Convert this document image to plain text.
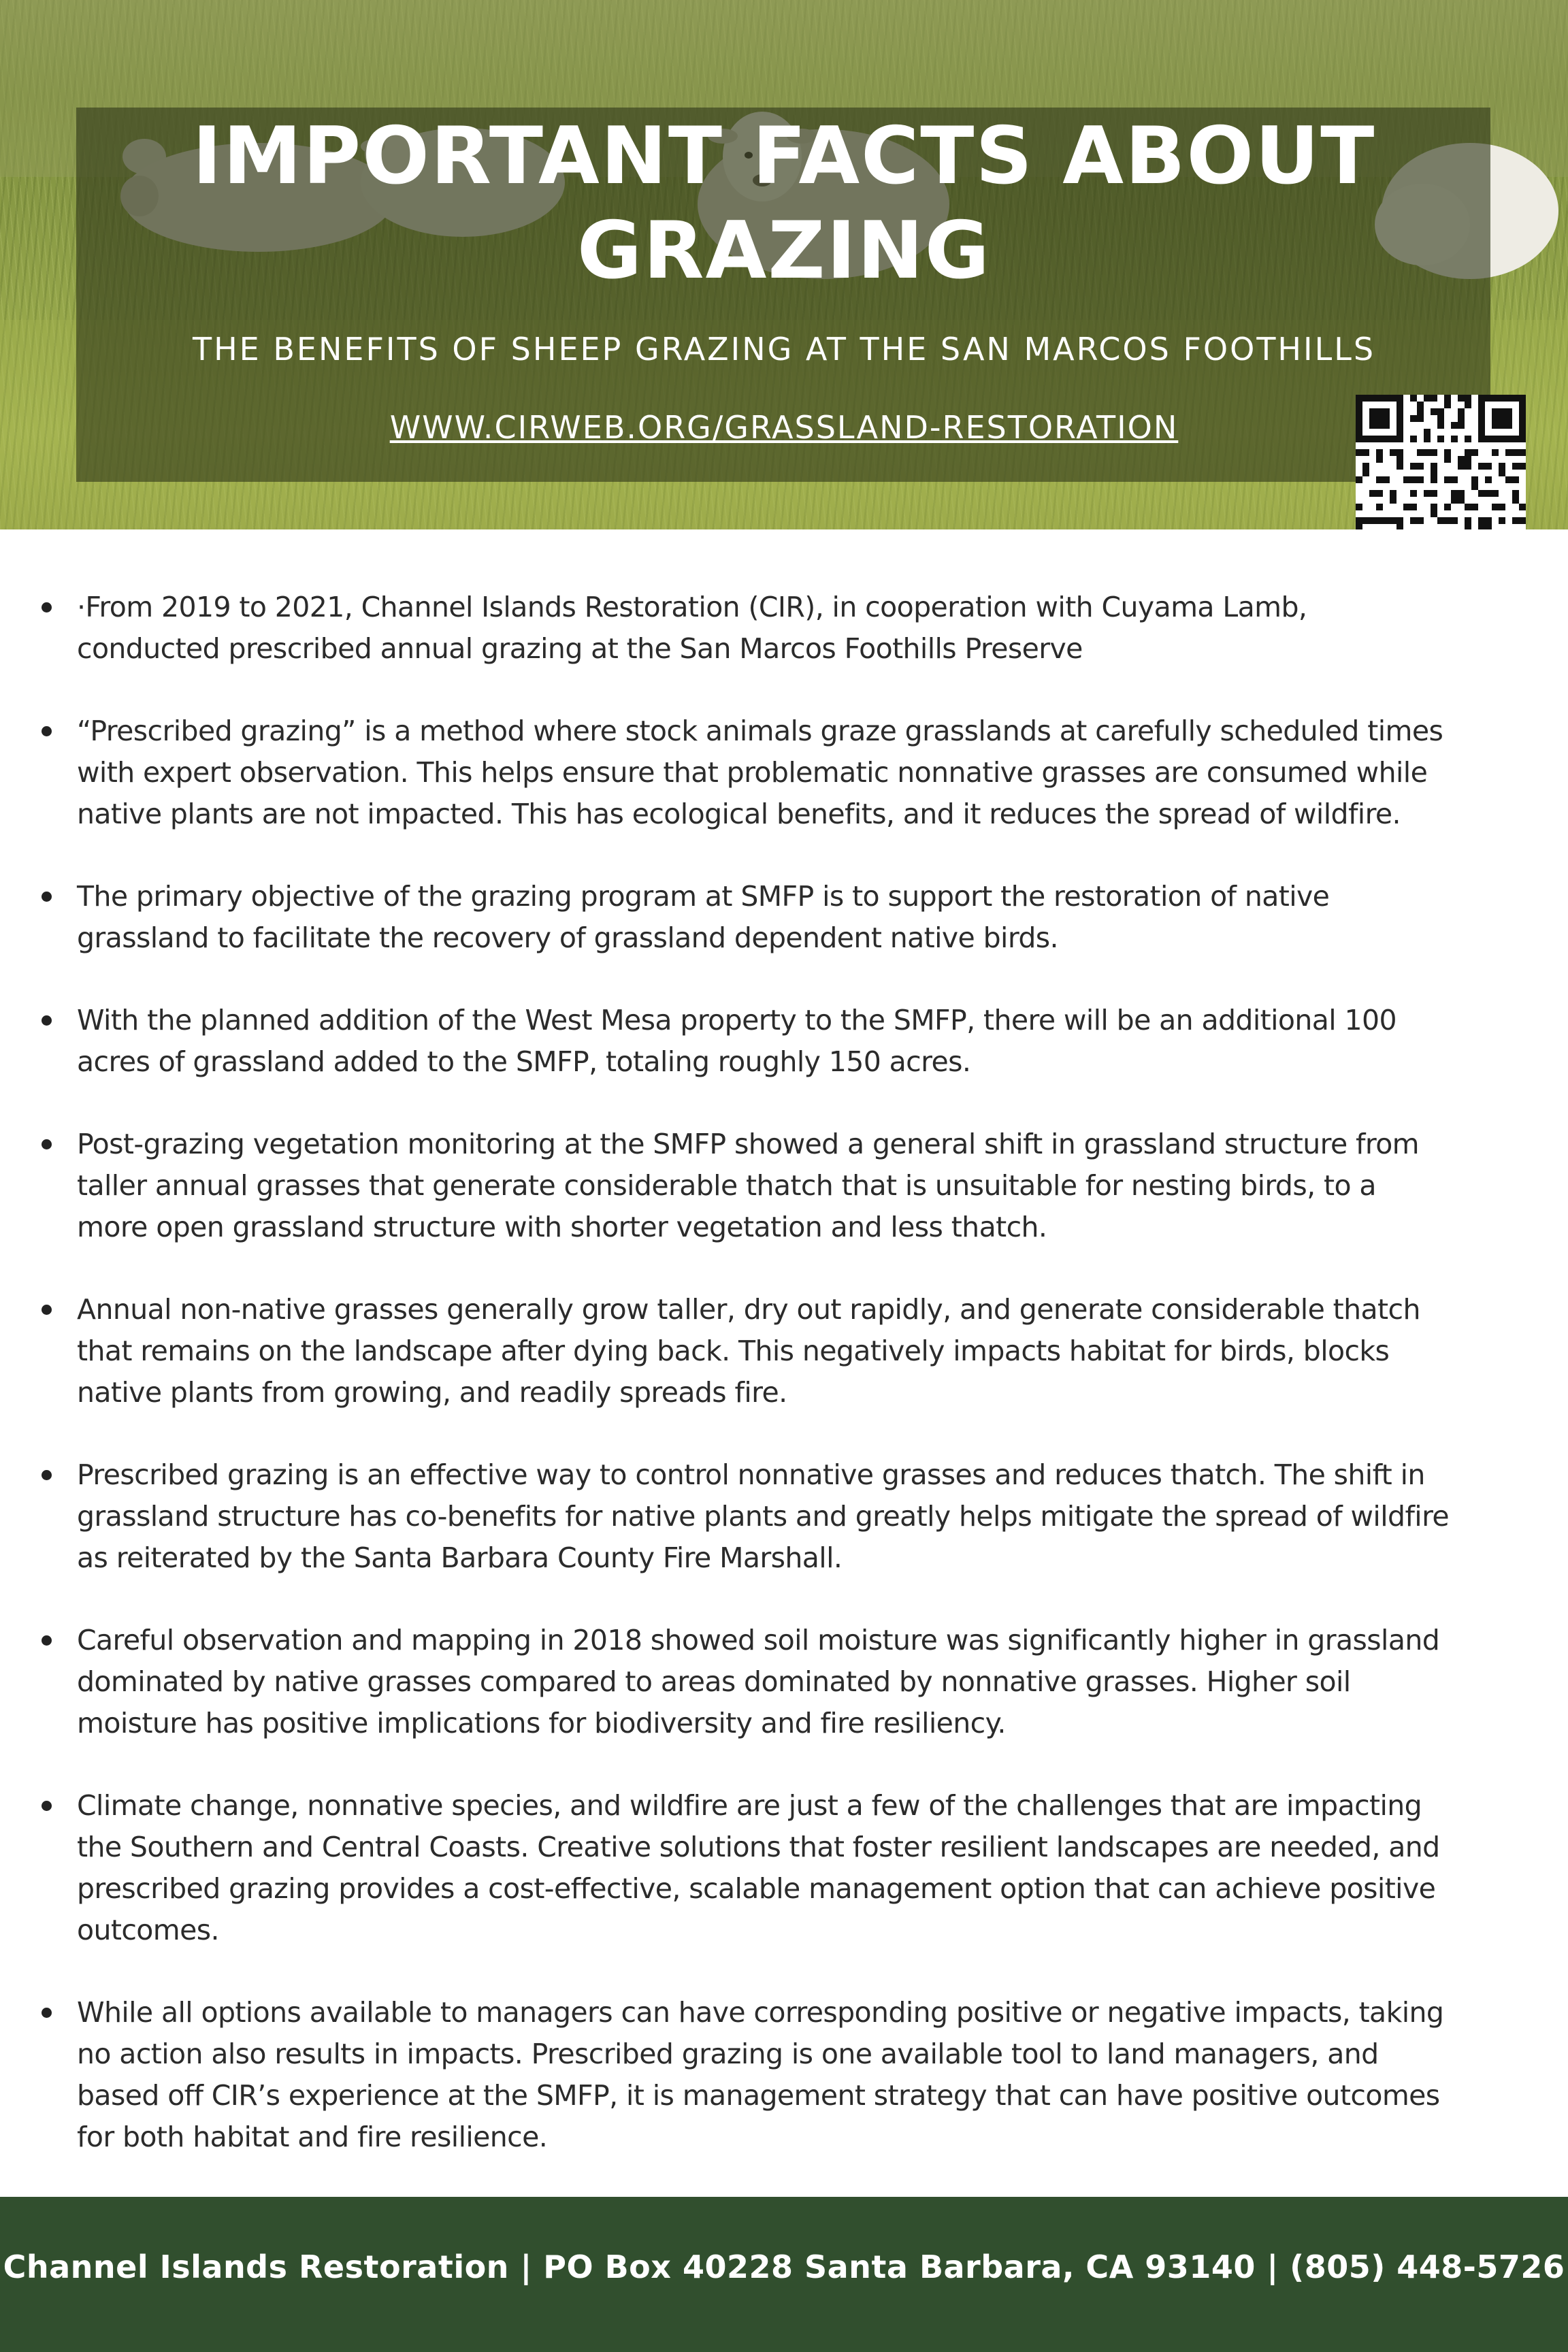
IMPORTANT FACTS ABOUT GRAZING
THE BENEFITS OF SHEEP GRAZING AT THE SAN MARCOS FOOTHILLS
WWW.CIRWEB.ORG/GRASSLAND-RESTORATION
·From 2019 to 2021, Channel Islands Restoration (CIR), in cooperation with Cuyama Lamb, conducted prescribed annual grazing at the San Marcos Foothills Preserve
“Prescribed grazing” is a method where stock animals graze grasslands at carefully scheduled times with expert observation. This helps ensure that problematic nonnative grasses are consumed while native plants are not impacted. This has ecological benefits, and it reduces the spread of wildfire.
The primary objective of the grazing program at SMFP is to support the restoration of native grassland to facilitate the recovery of grassland dependent native birds.
With the planned addition of the West Mesa property to the SMFP, there will be an additional 100 acres of grassland added to the SMFP, totaling roughly 150 acres.
Post-grazing vegetation monitoring at the SMFP showed a general shift in grassland structure from taller annual grasses that generate considerable thatch that is unsuitable for nesting birds, to a more open grassland structure with shorter vegetation and less thatch.
Annual non-native grasses generally grow taller, dry out rapidly, and generate considerable thatch that remains on the landscape after dying back. This negatively impacts habitat for birds, blocks native plants from growing, and readily spreads fire.
Prescribed grazing is an effective way to control nonnative grasses and reduces thatch. The shift in grassland structure has co-benefits for native plants and greatly helps mitigate the spread of wildfire as reiterated by the Santa Barbara County Fire Marshall.
Careful observation and mapping in 2018 showed soil moisture was significantly higher in grassland dominated by native grasses compared to areas dominated by nonnative grasses. Higher soil moisture has positive implications for biodiversity and fire resiliency.
Climate change, nonnative species, and wildfire are just a few of the challenges that are impacting the Southern and Central Coasts. Creative solutions that foster resilient landscapes are needed, and prescribed grazing provides a cost-effective, scalable management option that can achieve positive outcomes.
While all options available to managers can have corresponding positive or negative impacts, taking no action also results in impacts. Prescribed grazing is one available tool to land managers, and based off CIR’s experience at the SMFP, it is management strategy that can have positive outcomes for both habitat and fire resilience.
Channel Islands Restoration | PO Box 40228 Santa Barbara, CA 93140 | (805) 448-5726
